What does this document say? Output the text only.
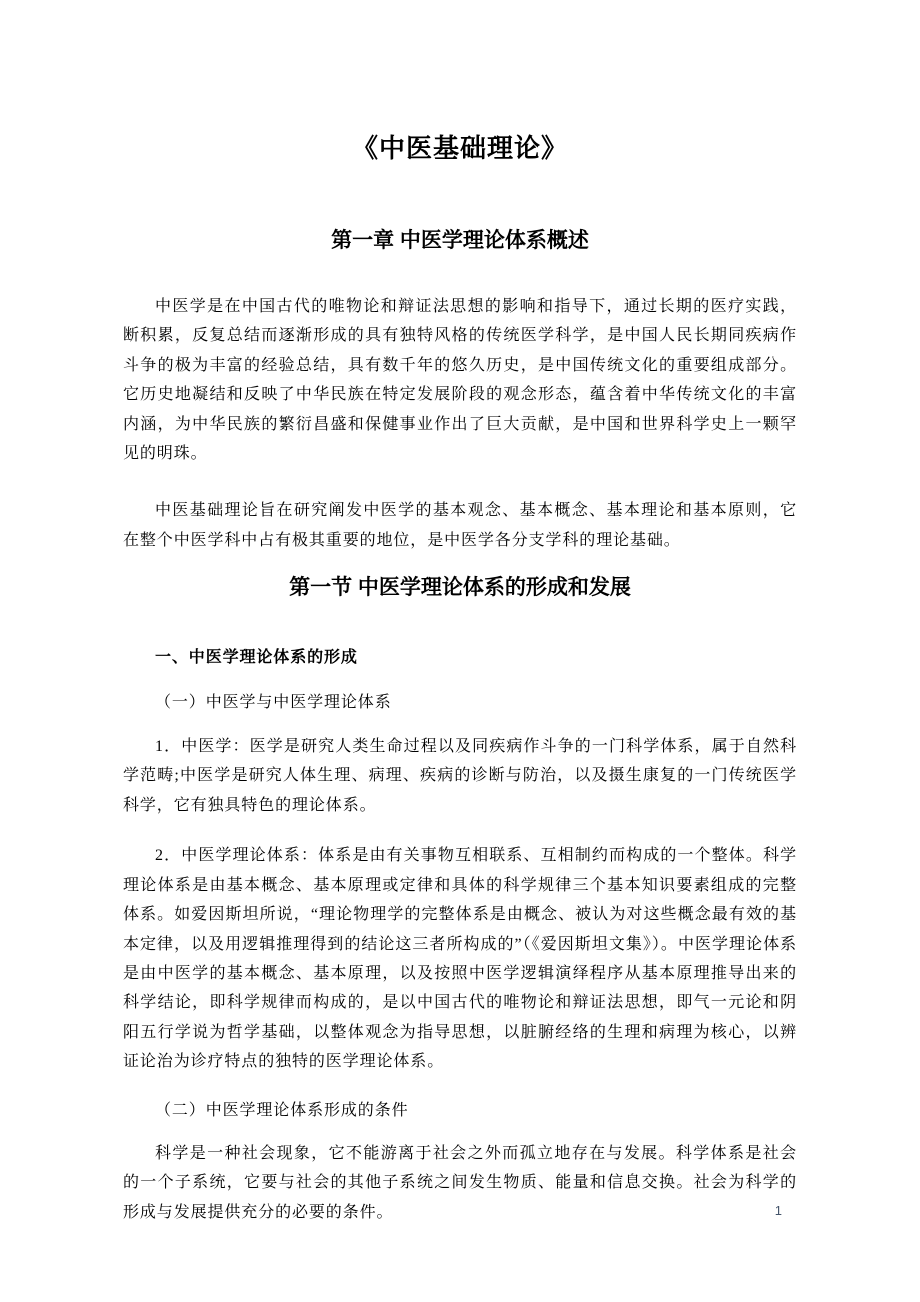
《中医基础理论》
第一章 中医学理论体系概述

中医学是在中国古代的唯物论和辩证法思想的影响和指导下，通过长期的医疗实践，断积累，反复总结而逐渐形成的具有独特风格的传统医学科学，是中国人民长期同疾病作斗争的极为丰富的经验总结，具有数千年的悠久历史，是中国传统文化的重要组成部分。它历史地凝结和反映了中华民族在特定发展阶段的观念形态，蕴含着中华传统文化的丰富内涵，为中华民族的繁衍昌盛和保健事业作出了巨大贡献，是中国和世界科学史上一颗罕见的明珠。

中医基础理论旨在研究阐发中医学的基本观念、基本概念、基本理论和基本原则，它在整个中医学科中占有极其重要的地位，是中医学各分支学科的理论基础。

第一节 中医学理论体系的形成和发展
一、中医学理论体系的形成

（一）中医学与中医学理论体系

1．中医学：医学是研究人类生命过程以及同疾病作斗争的一门科学体系，属于自然科学范畴;中医学是研究人体生理、病理、疾病的诊断与防治，以及摄生康复的一门传统医学科学，它有独具特色的理论体系。

2．中医学理论体系：体系是由有关事物互相联系、互相制约而构成的一个整体。科学理论体系是由基本概念、基本原理或定律和具体的科学规律三个基本知识要素组成的完整体系。如爱因斯坦所说，“理论物理学的完整体系是由概念、被认为对这些概念最有效的基本定律，以及用逻辑推理得到的结论这三者所构成的”（《爱因斯坦文集》）。中医学理论体系是由中医学的基本概念、基本原理，以及按照中医学逻辑演绎程序从基本原理推导出来的科学结论，即科学规律而构成的，是以中国古代的唯物论和辩证法思想，即气一元论和阴阳五行学说为哲学基础，以整体观念为指导思想，以脏腑经络的生理和病理为核心，以辨证论治为诊疗特点的独特的医学理论体系。

（二）中医学理论体系形成的条件

科学是一种社会现象，它不能游离于社会之外而孤立地存在与发展。科学体系是社会的一个子系统，它要与社会的其他子系统之间发生物质、能量和信息交换。社会为科学的形成与发展提供充分的必要的条件。	1
